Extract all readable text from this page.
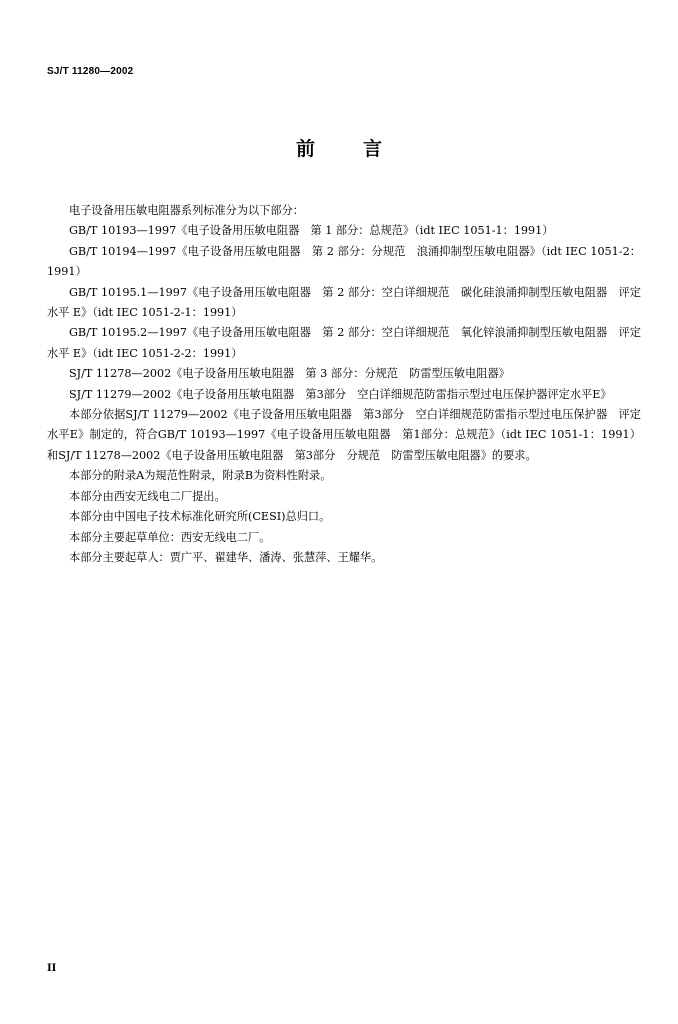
SJ/T 11280—2002
前	言

电子设备用压敏电阻器系列标准分为以下部分：

GB/T 10193—1997《电子设备用压敏电阻器　第 1 部分：总规范》（idt IEC 1051-1：1991）

GB/T 10194—1997《电子设备用压敏电阻器　第 2 部分：分规范　浪涌抑制型压敏电阻器》（idt IEC 1051-2：1991）

GB/T 10195.1—1997《电子设备用压敏电阻器　第 2 部分：空白详细规范　碳化硅浪涌抑制型压敏电阻器　评定水平 E》（idt IEC 1051-2-1：1991）

GB/T 10195.2—1997《电子设备用压敏电阻器　第 2 部分：空白详细规范　氧化锌浪涌抑制型压敏电阻器　评定水平 E》（idt IEC 1051-2-2：1991）

SJ/T 11278—2002《电子设备用压敏电阻器　第 3 部分：分规范　防雷型压敏电阻器》

SJ/T 11279—2002《电子设备用压敏电阻器　第3部分　空白详细规范防雷指示型过电压保护器评定水平E》

本部分依据SJ/T 11279—2002《电子设备用压敏电阻器　第3部分　空白详细规范防雷指示型过电压保护器　评定水平E》制定的，符合GB/T 10193—1997《电子设备用压敏电阻器　第1部分：总规范》（idt IEC 1051-1：1991）和SJ/T 11278—2002《电子设备用压敏电阻器　第3部分　分规范　防雷型压敏电阻器》的要求。

本部分的附录A为規范性附录，附录B为资料性附录。

本部分由西安无线电二厂提出。

本部分由中国电子技术标准化研究所(CESI)总归口。

本部分主要起草单位：西安无线电二厂。

本部分主要起草人：贾广平、翟建华、潘涛、张慧萍、王耀华。

II
